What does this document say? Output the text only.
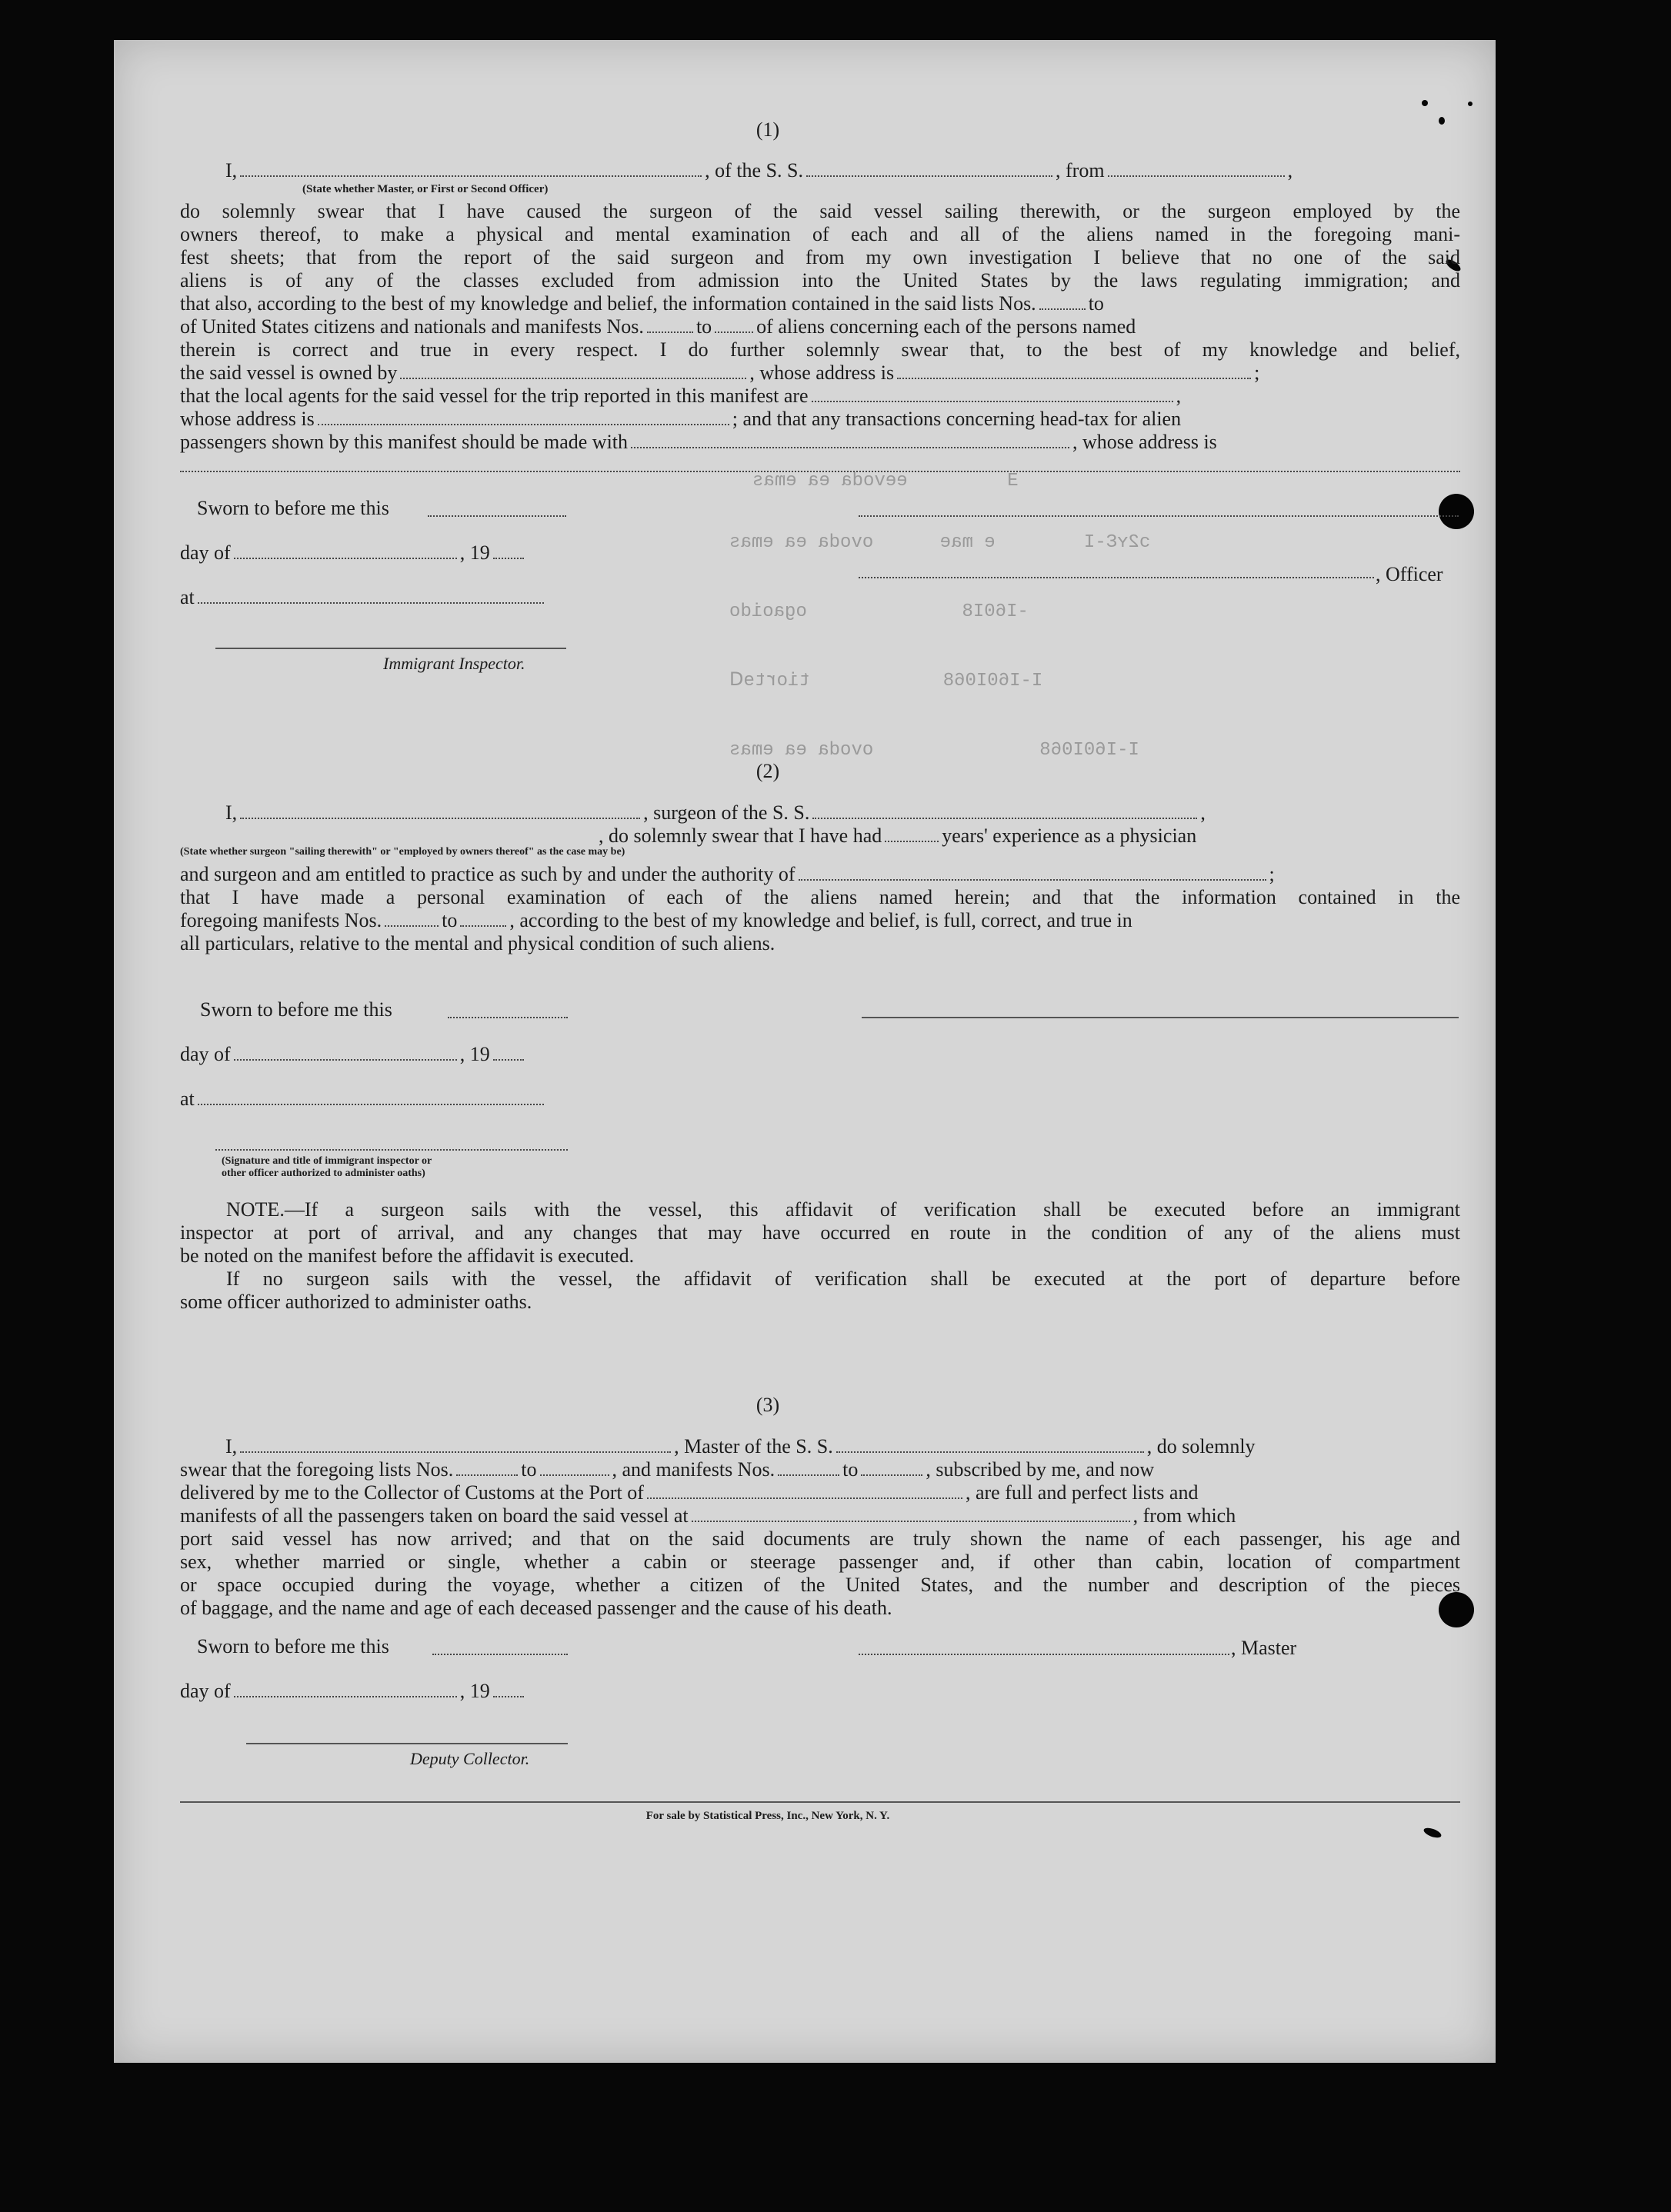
Ǝ         eevoda ea emas
ᴐ2ʏƐ-I        e mae      ovoda ea emas
-I60I8              ogaoido
I-I60I068            tiortɘᗡ
I-I60I068               ovoda ea emas
(1)
I,	, of the S. S.	, from	,
(State whether Master, or First or Second Officer)
do solemnly swear that I have caused the surgeon of the said vessel sailing therewith, or the surgeon employed by the
owners thereof, to make a physical and mental examination of each and all of the aliens named in the foregoing mani-
fest sheets; that from the report of the said surgeon and from my own investigation I believe that no one of the said
aliens is of any of the classes excluded from admission into the United States by the laws regulating immigration; and
that also, according to the best of my knowledge and belief, the information contained in the said lists Nos.	to
of United States citizens and nationals and manifests Nos.	to of aliens concerning each of the persons named
therein is correct and true in every respect. I do further solemnly swear that, to the best of my knowledge and belief,
the said vessel is owned by	, whose address is	;
that the local agents for the said vessel for the trip reported in this manifest are	,
whose address is	; and that any transactions concerning head-tax for alien
passengers shown by this manifest should be made with	, whose address is
Sworn to before me this
day of	, 19
, Officer
at
Immigrant Inspector.
(2)
I,	, surgeon of the S. S.	,
, do solemnly swear that I have had	years' experience as a physician
(State whether surgeon "sailing therewith" or "employed by owners thereof" as the case may be)
and surgeon and am entitled to practice as such by and under the authority of	;
that I have made a personal examination of each of the aliens named herein; and that the information contained in the
foregoing manifests Nos.	to	, according to the best of my knowledge and belief, is full, correct, and true in
all particulars, relative to the mental and physical condition of such aliens.
Sworn to before me this
day of	, 19
at
(Signature and title of immigrant inspector or
other officer authorized to administer oaths)
NOTE.—If a surgeon sails with the vessel, this affidavit of verification shall be executed before an immigrant
inspector at port of arrival, and any changes that may have occurred en route in the condition of any of the aliens must
be noted on the manifest before the affidavit is executed.
If no surgeon sails with the vessel, the affidavit of verification shall be executed at the port of departure before
some officer authorized to administer oaths.
(3)
I,	, Master of the S. S.	, do solemnly
swear that the foregoing lists Nos.	to	, and manifests Nos.	to	, subscribed by me, and now
delivered by me to the Collector of Customs at the Port of	, are full and perfect lists and
manifests of all the passengers taken on board the said vessel at	, from which
port said vessel has now arrived; and that on the said documents are truly shown the name of each passenger, his age and
sex, whether married or single, whether a cabin or steerage passenger and, if other than cabin, location of compartment
or space occupied during the voyage, whether a citizen of the United States, and the number and description of the pieces
of baggage, and the name and age of each deceased passenger and the cause of his death.
Sworn to before me this	, Master
day of	, 19
Deputy Collector.
For sale by Statistical Press, Inc., New York, N. Y.
